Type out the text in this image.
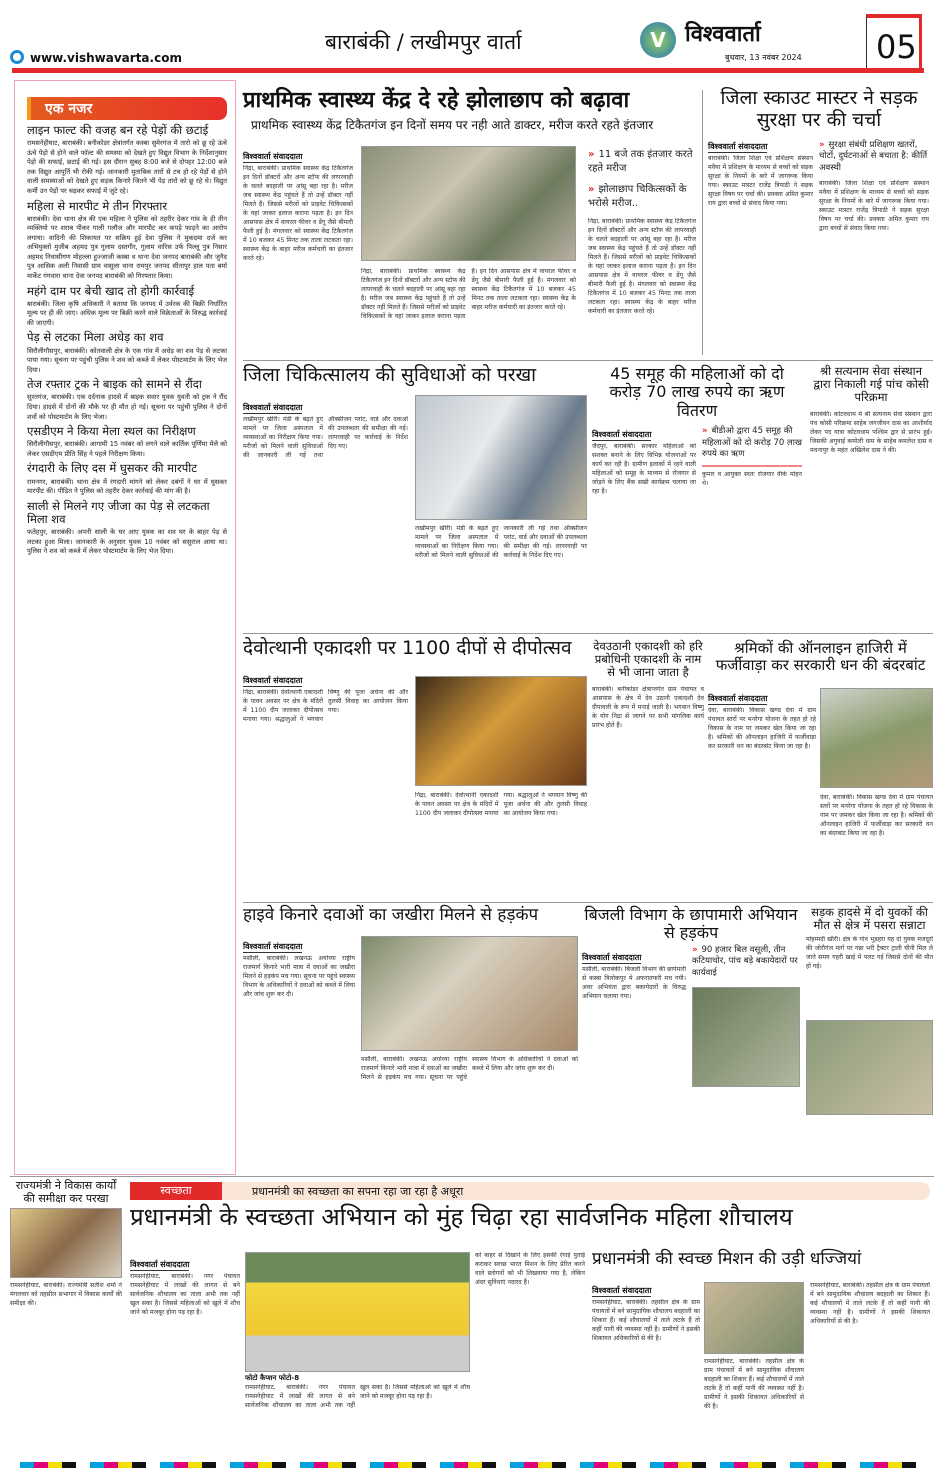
www.vishwavarta.com
बाराबंकी / लखीमपुर वार्ता	V विश्ववार्ता
बुधवार, 13 नवंबर 2024 05
एक नजर
लाइन फाल्ट की वजह बन रहे पेड़ों की छटाई
रामसनेहीघाट, बाराबंकी। बनीकोडर क्षेत्रांतर्गत कस्बा सुमेरगंज मे तारो को छू रहे ऊंचे ऊंचे पेड़ो से होने वाले फॉल्ट की समस्या को देखते हुए विद्युत विभाग के निर्देशानुसार पेड़ो की सफाई, छटाई की गई। इस दौरान सुबह 8:00 बजे से दोपहर 12:00 बजे तक विद्युत आपूर्ति भी रोकी गई। जानकारी मुताबिक तारों से टच हो रहे पेड़ों से होने वाली समस्याओं को देखते हुए सड़क किनारे जितने भी पेड़ तारो को छू रहे थे। विद्युत कर्मी उन पेड़ों पर चढ़कर सफाई में जुटे रहे।
महिला से मारपीट मे तीन गिरफ्तार
बाराबंकी। देवा थाना क्षेत्र की एक महिला ने पुलिस को तहरीर देकर गांव के ही तीन व्यक्तियो पर शराब पीकर गाली गलौज और मारपीट कर कपड़े फाड़ने का आरोप लगाया। वादिनी की शिकायत पर सक्रिय हुई देवा पुलिस ने मुकदमा दर्ज कर अभियुक्तो मुजीब अहमद पुत्र गुलाम दस्तगीर, गुलाम वारिस उर्फ पिल्लू पुत्र निसार अहमद निवासीगण मोहल्ला हुज्जाजी कस्बा व थाना देवा जनपद बाराबंकी और जुनैद पुत्र आसिक अली निवासी ग्राम वासुला थाना रामपुर जनपद सीतापुर हाल पता बर्मा मार्केट गंगवारा थाना देवा जनपद बाराबंकी को गिरफ्तार किया।
महंगे दाम पर बेची खाद तो होगी कार्रवाई
बाराबंकी। जिला कृषि अधिकारी ने बताया कि जनपद में उर्वरक की बिक्री निर्धारित मूल्य पर ही की जाए। अधिक मूल्य पर बिक्री करने वाले विक्रेताओं के विरुद्ध कार्रवाई की जाएगी।
पेड़ से लटका मिला अधेड़ का शव
सिरौलीगौसपुर, बाराबंकी। कोतवाली क्षेत्र के एक गांव में अधेड़ का शव पेड़ से लटका पाया गया। सूचना पर पहुंची पुलिस ने शव को कब्जे में लेकर पोस्टमार्टम के लिए भेज दिया।
तेज रफ्तार ट्रक ने बाइक को सामने से रौंदा
सुरतगंज, बाराबंकी। एक दर्दनाक हादसे में बाइक सवार युवक युवती को ट्रक ने रौंद दिया। हादसे में दोनों की मौके पर ही मौत हो गई। सूचना पर पहुंची पुलिस ने दोनों शवों को पोस्टमार्टम के लिए भेजा।
एसडीएम ने किया मेला स्थल का निरीक्षण
सिरौलीगौसपुर, बाराबंकी। आगामी 15 नवंबर को लगने वाले कार्तिक पूर्णिमा मेले को लेकर एसडीएम प्रीति सिंह ने पहले निरीक्षण किया।
रंगदारी के लिए दस में घुसकर की मारपीट
रामनगर, बाराबंकी। थाना क्षेत्र में रंगदारी मांगने को लेकर दबंगों ने घर में घुसकर मारपीट की। पीड़ित ने पुलिस को तहरीर देकर कार्रवाई की मांग की है।
साली से मिलने गए जीजा का पेड़ से लटकता मिला शव
फतेहपुर, बाराबंकी। अपनी साली के घर आए युवक का शव घर के बाहर पेड़ से लटका हुआ मिला। जानकारी के अनुसार युवक 10 नवंबर को ससुराल आया था। पुलिस ने शव को कब्जे में लेकर पोस्टमार्टम के लिए भेज दिया।
प्राथमिक स्वास्थ्य केंद्र दे रहे झोलाछाप को बढ़ावा
प्राथमिक स्वास्थ्य केंद्र टिकैतगंज इन दिनों समय पर नही आते डाक्टर, मरीज करते रहते इंतजार
विश्ववार्ता संवाददाता
निंद्रा, बाराबंकी। प्राथमिक स्वास्थ्य केंद्र टिकैतगंज इन दिनों डॉक्टरों और अन्य स्टॉफ की लापरवाही के चलते बदहाली पर आंसू बहा रहा है। मरीज जब स्वास्थ्य केंद्र पहुंचते हैं तो उन्हें डॉक्टर नहीं मिलते हैं। जिससे मरीजों को प्राइवेट चिकित्सकों के यहां जाकर इलाज कराना पड़ता है। इन दिन आसपास क्षेत्र में वायरल फीवर व डेंगू जैसे बीमारी फैली हुई है। मंगलवार को स्वास्थ्य केंद्र टिकैतगंज में 10 बजकर 45 मिनट तक ताला लटकता रहा। स्वास्थ्य केंद्र के बाहर मरीज कर्मचारी का इंतजार करते रहे।
निंद्रा, बाराबंकी। प्राथमिक स्वास्थ्य केंद्र टिकैतगंज इन दिनों डॉक्टरों और अन्य स्टॉफ की लापरवाही के चलते बदहाली पर आंसू बहा रहा है। मरीज जब स्वास्थ्य केंद्र पहुंचते हैं तो उन्हें डॉक्टर नहीं मिलते हैं। जिससे मरीजों को प्राइवेट चिकित्सकों के यहां जाकर इलाज कराना पड़ता है। इन दिन आसपास क्षेत्र में वायरल फीवर व डेंगू जैसे बीमारी फैली हुई है। मंगलवार को स्वास्थ्य केंद्र टिकैतगंज में 10 बजकर 45 मिनट तक ताला लटकता रहा। स्वास्थ्य केंद्र के बाहर मरीज कर्मचारी का इंतजार करते रहे।
» 11 बजे तक इंतजार करते रहते मरीज
» झोलाछाप चिकित्सकों के भरोसे मरीज..
निंद्रा, बाराबंकी। प्राथमिक स्वास्थ्य केंद्र टिकैतगंज इन दिनों डॉक्टरों और अन्य स्टॉफ की लापरवाही के चलते बदहाली पर आंसू बहा रहा है। मरीज जब स्वास्थ्य केंद्र पहुंचते हैं तो उन्हें डॉक्टर नहीं मिलते हैं। जिससे मरीजों को प्राइवेट चिकित्सकों के यहां जाकर इलाज कराना पड़ता है। इन दिन आसपास क्षेत्र में वायरल फीवर व डेंगू जैसे बीमारी फैली हुई है। मंगलवार को स्वास्थ्य केंद्र टिकैतगंज में 10 बजकर 45 मिनट तक ताला लटकता रहा। स्वास्थ्य केंद्र के बाहर मरीज कर्मचारी का इंतजार करते रहे।
जिला स्काउट मास्टर ने सड़क सुरक्षा पर की चर्चा
विश्ववार्ता संवाददाता
बाराबंकी। जिला शिक्षा एवं प्रशिक्षण संस्थान मवैया में प्रशिक्षण के माध्यम से बच्चों को सड़क सुरक्षा के नियमों के बारे में जागरूक किया गया। स्काउट मास्टर राजेंद्र त्रिपाठी ने सड़क सुरक्षा विषय पर चर्चा की। प्रवक्ता अमित कुमार राय द्वारा बच्चों से संवाद किया गया।
» सुरक्षा संबंधी प्रशिक्षण खतरों, चोटों, दुर्घटनाओं से बचाता है: कीर्ति अवस्थी
बाराबंकी। जिला शिक्षा एवं प्रशिक्षण संस्थान मवैया में प्रशिक्षण के माध्यम से बच्चों को सड़क सुरक्षा के नियमों के बारे में जागरूक किया गया। स्काउट मास्टर राजेंद्र त्रिपाठी ने सड़क सुरक्षा विषय पर चर्चा की। प्रवक्ता अमित कुमार राय द्वारा बच्चों से संवाद किया गया।
जिला चिकित्सालय की सुविधाओं को परखा
विश्ववार्ता संवाददाता
लखीमपुर खीरी। मंडी के बढ़ते हुए मामले पर जिला अस्पताल में व्यवस्थाओं का निरीक्षण किया गया। मरीजों को मिलने वाली सुविधाओं की जानकारी ली गई तथा ऑक्सीजन प्लांट, वार्ड और दवाओं की उपलब्धता की समीक्षा की गई। लापरवाही पर कार्रवाई के निर्देश दिए गए।
लखीमपुर खीरी। मंडी के बढ़ते हुए मामले पर जिला अस्पताल में व्यवस्थाओं का निरीक्षण किया गया। मरीजों को मिलने वाली सुविधाओं की जानकारी ली गई तथा ऑक्सीजन प्लांट, वार्ड और दवाओं की उपलब्धता की समीक्षा की गई। लापरवाही पर कार्रवाई के निर्देश दिए गए।
45 समूह की महिलाओं को दो करोड़ 70 लाख रुपये का ऋण वितरण
विश्ववार्ता संवाददाता
जैदपुर, बाराबंकी। सरकार महिलाओं को सशक्त बनाने के लिए विभिन्न योजनाओं पर कार्य कर रही है। ग्रामीण इलाकों में रहने वाली महिलाओं को समूह के माध्यम से रोजगार से जोड़ने के लिए बैंक सखी कार्यक्रम चलाया जा रहा है।
» बीडीओ द्वारा 45 समूह की महिलाओं को दो करोड़ 70 लाख रुपये का ऋण
कुमार व आयुक्त स्वतः रोजगार वीके मोहन थे।
श्री सत्यनाम सेवा संस्थान द्वारा निकाली गई पांच कोसी परिक्रमा
बाराबंकी। कोटवधाम मे श्री सत्यनाम सेवा संस्थान द्वारा पंच कोसी परिक्रमा साहेब जगजीवन दास का आशीर्वाद लेकर पद यात्रा कोटवधाम पश्चिम द्वार से प्रारंभ हुई। जिसकी अगुवाई कमोली धाम के साहेब कमलेश दास व मधनापुर के महंत अखिलेश दास ने की।
देवोत्थानी एकादशी पर 1100 दीपों से दीपोत्सव
विश्ववार्ता संवाददाता
निंद्रा, बाराबंकी। देवोत्थानी एकादशी के पावन अवसर पर क्षेत्र के मंदिरों में 1100 दीप जलाकर दीपोत्सव मनाया गया। श्रद्धालुओं ने भगवान विष्णु की पूजा अर्चना की और तुलसी विवाह का आयोजन किया गया।
निंद्रा, बाराबंकी। देवोत्थानी एकादशी के पावन अवसर पर क्षेत्र के मंदिरों में 1100 दीप जलाकर दीपोत्सव मनाया गया। श्रद्धालुओं ने भगवान विष्णु की पूजा अर्चना की और तुलसी विवाह का आयोजन किया गया।
देवउठानी एकादशी को हरि प्रबोधिनी एकादशी के नाम से भी जाना जाता है
बाराबंकी। बनीकोडर क्षेत्रान्तर्गत ग्राम पंचायत व आसपास के क्षेत्र में देव उठानी एकादशी देव दीपावली के रूप में मनाई जाती है। भगवान विष्णु के योग निद्रा से जागने पर सभी मांगलिक कार्य प्रारंभ होते हैं।
श्रमिकों की ऑनलाइन हाजिरी में फर्जीवाड़ा कर सरकारी धन की बंदरबांट
विश्ववार्ता संवाददाता
देवा, बाराबंकी। विकास खण्ड देवा में ग्राम पंचायत स्तरों पर मनरेगा योजना के तहत हो रहे विकास के नाम पर जमकर खेल किया जा रहा है। श्रमिकों की ऑनलाइन हाजिरी में फर्जीवाड़ा कर सरकारी धन का बंदरबांट किया जा रहा है।
देवा, बाराबंकी। विकास खण्ड देवा में ग्राम पंचायत स्तरों पर मनरेगा योजना के तहत हो रहे विकास के नाम पर जमकर खेल किया जा रहा है। श्रमिकों की ऑनलाइन हाजिरी में फर्जीवाड़ा कर सरकारी धन का बंदरबांट किया जा रहा है।
हाइवे किनारे दवाओं का जखीरा मिलने से हड़कंप
विश्ववार्ता संवाददाता
मसौली, बाराबंकी। लखनऊ अयोध्या राष्ट्रीय राजमार्ग किनारे भारी मात्रा में दवाओं का जखीरा मिलने से हड़कंप मच गया। सूचना पर पहुंचे स्वास्थ्य विभाग के अधिकारियों ने दवाओं को कब्जे में लिया और जांच शुरू कर दी।
मसौली, बाराबंकी। लखनऊ अयोध्या राष्ट्रीय राजमार्ग किनारे भारी मात्रा में दवाओं का जखीरा मिलने से हड़कंप मच गया। सूचना पर पहुंचे स्वास्थ्य विभाग के अधिकारियों ने दवाओं को कब्जे में लिया और जांच शुरू कर दी।
बिजली विभाग के छापामारी अभियान से हड़कंप
विश्ववार्ता संवाददाता
मसौली, बाराबंकी। बिजली विभाग की छापेमारी से कस्बा त्रिलोकपुर मे अफरातफरी मच गयी। अवर अभियंता द्वारा बकायेदारों के विरुद्ध अभियान चलाया गया।
» 90 हजार बिल वसूली, तीन कटियाचोर, पांच बड़े बकायेदारों पर कार्यवाई
सड़क हादसे में दो युवकों की मौत से क्षेत्र में पसरा सन्नाटा
मोहम्मदी खीरी। क्षेत्र के गांव भुड़हरा यह दो युवक मजदूरों की जोरौगंज मार्ग पर गन्ना भरी ट्रैक्टर ट्राली चीनी मिल ले जाते समय गहरी खाई में पलट गई जिससे दोनों की मौत हो गई।
राज्यमंत्री ने विकास कार्यों की समीक्षा कर परखा
रामसनेहीघाट, बाराबंकी। राज्यमंत्री सतीश शर्मा ने मंगलवार को तहसील सभागार में विकास कार्यों की समीक्षा की।
स्वच्छता	प्रधानमंत्री का स्वच्छता का सपना रहा जा रहा है अधूरा
प्रधानमंत्री के स्वच्छता अभियान को मुंह चिढ़ा रहा सार्वजनिक महिला शौचालय
विश्ववार्ता संवाददाता
रामसनेहीघाट, बाराबंकी। नगर पंचायत रामसनेहीघाट में लाखों की लागत से बने सार्वजनिक शौचालय का ताला अभी तक नहीं खुल सका है। जिससे महिलाओं को खुले में शौच जाने को मजबूर होना पड़ रहा है।
फोटो कैप्शन फोटो-8
रामसनेहीघाट, बाराबंकी। नगर पंचायत रामसनेहीघाट में लाखों की लागत से बने सार्वजनिक शौचालय का ताला अभी तक नहीं खुल सका है। जिससे महिलाओं को खुले में शौच जाने को मजबूर होना पड़ रहा है।
को बाहर से दिखाने के लिए इसकी रंगाई पुताई कराकर स्वच्छ भारत मिशन के लिए प्रेरित करने वाले स्लोगनों को भी लिखवाया गया है, लेकिन अंदर सुविधाएं नदारद हैं।
प्रधानमंत्री की स्वच्छ मिशन की उड़ी धज्जियां
विश्ववार्ता संवाददाता
रामसनेहीघाट, बाराबंकी। तहसील क्षेत्र के ग्राम पंचायतों में बने सामुदायिक शौचालय बदहाली का शिकार हैं। कई शौचालयों में ताले लटके हैं तो कहीं पानी की व्यवस्था नहीं है। ग्रामीणों ने इसकी शिकायत अधिकारियों से की है।
रामसनेहीघाट, बाराबंकी। तहसील क्षेत्र के ग्राम पंचायतों में बने सामुदायिक शौचालय बदहाली का शिकार हैं। कई शौचालयों में ताले लटके हैं तो कहीं पानी की व्यवस्था नहीं है। ग्रामीणों ने इसकी शिकायत अधिकारियों से की है।
रामसनेहीघाट, बाराबंकी। तहसील क्षेत्र के ग्राम पंचायतों में बने सामुदायिक शौचालय बदहाली का शिकार हैं। कई शौचालयों में ताले लटके हैं तो कहीं पानी की व्यवस्था नहीं है। ग्रामीणों ने इसकी शिकायत अधिकारियों से की है।
